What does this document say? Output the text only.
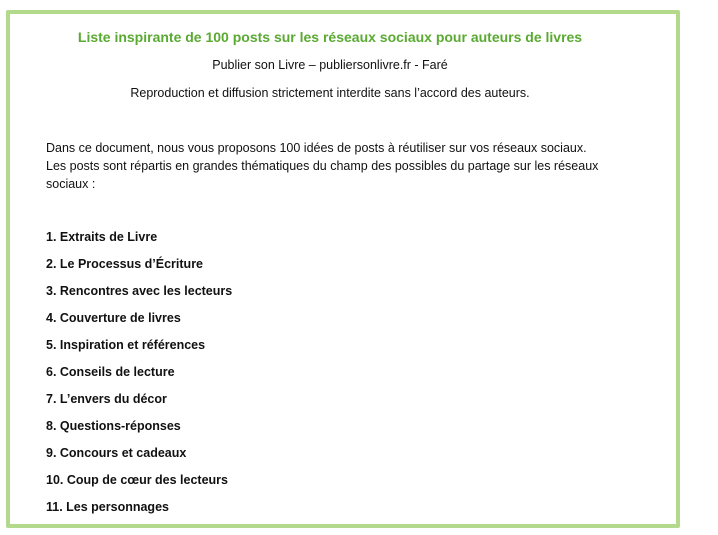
Liste inspirante de 100 posts sur les réseaux sociaux pour auteurs de livres
Publier son Livre – publiersonlivre.fr - Faré
Reproduction et diffusion strictement interdite sans l’accord des auteurs.
Dans ce document, nous vous proposons 100 idées de posts à réutiliser sur vos réseaux sociaux. Les posts sont répartis en grandes thématiques du champ des possibles du partage sur les réseaux sociaux :
1. Extraits de Livre
2. Le Processus d’Écriture
3. Rencontres avec les lecteurs
4. Couverture de livres
5. Inspiration et références
6. Conseils de lecture
7. L’envers du décor
8. Questions-réponses
9. Concours et cadeaux
10. Coup de cœur des lecteurs
11. Les personnages
